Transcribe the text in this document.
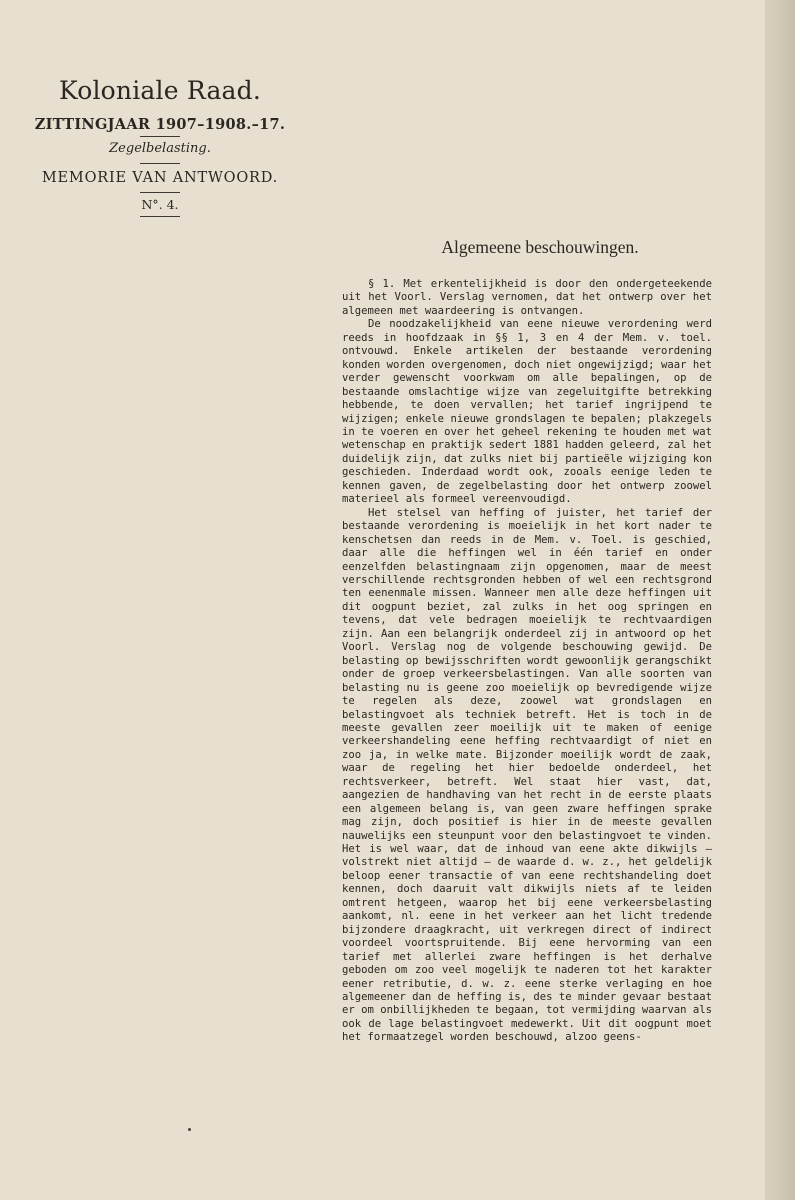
Koloniale Raad.
ZITTINGJAAR 1907–1908.–17.
Zegelbelasting.
MEMORIE VAN ANTWOORD.
N°. 4.
Algemeene beschouwingen.

§ 1. Met erkentelijkheid is door den ondergeteekende uit het Voorl. Verslag vernomen, dat het ontwerp over het algemeen met waardeering is ontvangen.

De noodzakelijkheid van eene nieuwe verordening werd reeds in hoofdzaak in §§ 1, 3 en 4 der Mem. v. toel. ontvouwd. Enkele artikelen der bestaande verordening konden worden overgenomen, doch niet ongewijzigd; waar het verder gewenscht voorkwam om alle bepalingen, op de bestaande omslachtige wijze van zegeluitgifte betrekking hebbende, te doen vervallen; het tarief ingrijpend te wijzigen; enkele nieuwe grondslagen te bepalen; plakzegels in te voeren en over het geheel rekening te houden met wat wetenschap en praktijk sedert 1881 hadden geleerd, zal het duidelijk zijn, dat zulks niet bij partieële wijziging kon geschieden. Inderdaad wordt ook, zooals eenige leden te kennen gaven, de zegelbelasting door het ontwerp zoowel materieel als formeel vereenvoudigd.

Het stelsel van heffing of juister, het tarief der bestaande verordening is moeielijk in het kort nader te kenschetsen dan reeds in de Mem. v. Toel. is geschied, daar alle die heffingen wel in één tarief en onder eenzelfden belastingnaam zijn opgenomen, maar de meest verschillende rechtsgronden hebben of wel een rechtsgrond ten eenenmale missen. Wanneer men alle deze heffingen uit dit oogpunt beziet, zal zulks in het oog springen en tevens, dat vele bedragen moeielijk te rechtvaardigen zijn. Aan een belangrijk onderdeel zij in antwoord op het Voorl. Verslag nog de volgende beschouwing gewijd. De belasting op bewijsschriften wordt gewoonlijk gerangschikt onder de groep verkeersbelastingen. Van alle soorten van belasting nu is geene zoo moeielijk op bevredigende wijze te regelen als deze, zoowel wat grondslagen en belastingvoet als techniek betreft. Het is toch in de meeste gevallen zeer moeilijk uit te maken of eenige verkeershandeling eene heffing rechtvaardigt of niet en zoo ja, in welke mate. Bijzonder moeilijk wordt de zaak, waar de regeling het hier bedoelde onderdeel, het rechtsverkeer, betreft. Wel staat hier vast, dat, aangezien de handhaving van het recht in de eerste plaats een algemeen belang is, van geen zware heffingen sprake mag zijn, doch positief is hier in de meeste gevallen nauwelijks een steunpunt voor den belastingvoet te vinden. Het is wel waar, dat de inhoud van eene akte dikwijls — volstrekt niet altijd — de waarde d. w. z., het geldelijk beloop eener transactie of van eene rechtshandeling doet kennen, doch daaruit valt dikwijls niets af te leiden omtrent hetgeen, waarop het bij eene verkeersbelasting aankomt, nl. eene in het verkeer aan het licht tredende bijzondere draagkracht, uit verkregen direct of indirect voordeel voortspruitende. Bij eene hervorming van een tarief met allerlei zware heffingen is het derhalve geboden om zoo veel mogelijk te naderen tot het karakter eener retributie, d. w. z. eene sterke verlaging en hoe algemeener dan de heffing is, des te minder gevaar bestaat er om onbillijkheden te begaan, tot vermijding waarvan als ook de lage belastingvoet medewerkt. Uit dit oogpunt moet het formaatzegel worden beschouwd, alzoo geens-
